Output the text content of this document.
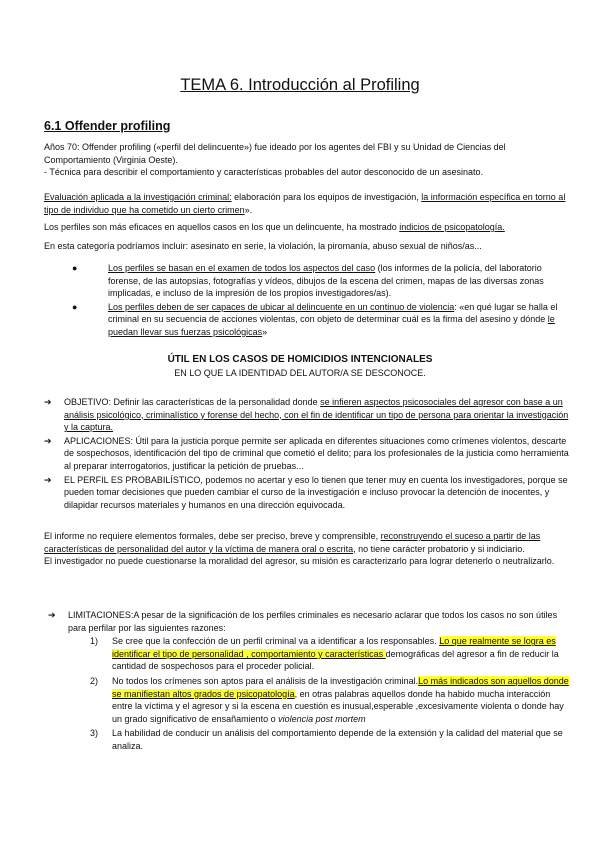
TEMA 6. Introducción al Profiling
6.1 Offender profiling

Años 70: Offender profiling («perfil del delincuente») fue ideado por los agentes del FBI y su Unidad de Ciencias del Comportamiento (Virginia Oeste).
- Técnica para describir el comportamiento y características probables del autor desconocido de un asesinato.

Evaluación aplicada a la investigación criminal: elaboración para los equipos de investigación, la información específica en torno al tipo de individuo que ha cometido un cierto crimen».

Los perfiles son más eficaces en aquellos casos en los que un delincuente, ha mostrado indicios de psicopatología.

En esta categoría podríamos incluir: asesinato en serie, la violación, la piromanía, abuso sexual de niños/as...

●	Los perfiles se basan en el examen de todos los aspectos del caso (los informes de la policía, del laboratorio forense, de las autopsias, fotografías y vídeos, dibujos de la escena del crimen, mapas de las diversas zonas implicadas, e incluso de la impresión de los propios investigadores/as).
●	Los perfiles deben de ser capaces de ubicar al delincuente en un continuo de violencia: «en qué lugar se halla el criminal en su secuencia de acciones violentas, con objeto de determinar cuál es la firma del asesino y dónde le puedan llevar sus fuerzas psicológicas»
ÚTIL EN LOS CASOS DE HOMICIDIOS INTENCIONALES
EN LO QUE LA IDENTIDAD DEL AUTOR/A SE DESCONOCE.
➔ OBJETIVO: Definir las características de la personalidad donde se infieren aspectos psicosociales del agresor con base a un análisis psicológico, criminalístico y forense del hecho, con el fin de identificar un tipo de persona para orientar la investigación y la captura.
➔ APLICACIONES: Útil para la justicia porque permite ser aplicada en diferentes situaciones como crímenes violentos, descarte de sospechosos, identificación del tipo de criminal que cometió el delito; para los profesionales de la justicia como herramienta al preparar interrogatorios, justificar la petición de pruebas...
➔ EL PERFIL ES PROBABILÍSTICO, podemos no acertar y eso lo tienen que tener muy en cuenta los investigadores, porque se pueden tomar decisiones que pueden cambiar el curso de la investigación e incluso provocar la detención de inocentes, y dilapidar recursos materiales y humanos en una dirección equivocada.

El informe no requiere elementos formales, debe ser preciso, breve y comprensible, reconstruyendo el suceso a partir de las características de personalidad del autor y la víctima de manera oral o escrita, no tiene carácter probatorio y si indiciario.
El investigador no puede cuestionarse la moralidad del agresor, su misión es caracterizarlo para lograr detenerlo o neutralizarlo.

➔ LIMITACIONES:A pesar de la significación de los perfiles criminales es necesario aclarar que todos los casos no son útiles para perfilar por las siguientes razones:
1) Se cree que la confección de un perfil criminal va a identificar a los responsables. Lo que realmente se logra es identificar el tipo de personalidad , comportamiento y características demográficas del agresor a fin de reducir la cantidad de sospechosos para el proceder policial.
2) No todos los crímenes son aptos para el análisis de la investigación criminal.Lo más indicados son aquellos donde se manifiestan altos grados de psicopatología, en otras palabras aquellos donde ha habido mucha interacción entre la víctima y el agresor y si la escena en cuestión es inusual,esperable ,excesivamente violenta o donde hay un grado significativo de ensañamiento o violencia post mortem
3) La habilidad de conducir un análisis del comportamiento depende de la extensión y la calidad del material que se analiza.
